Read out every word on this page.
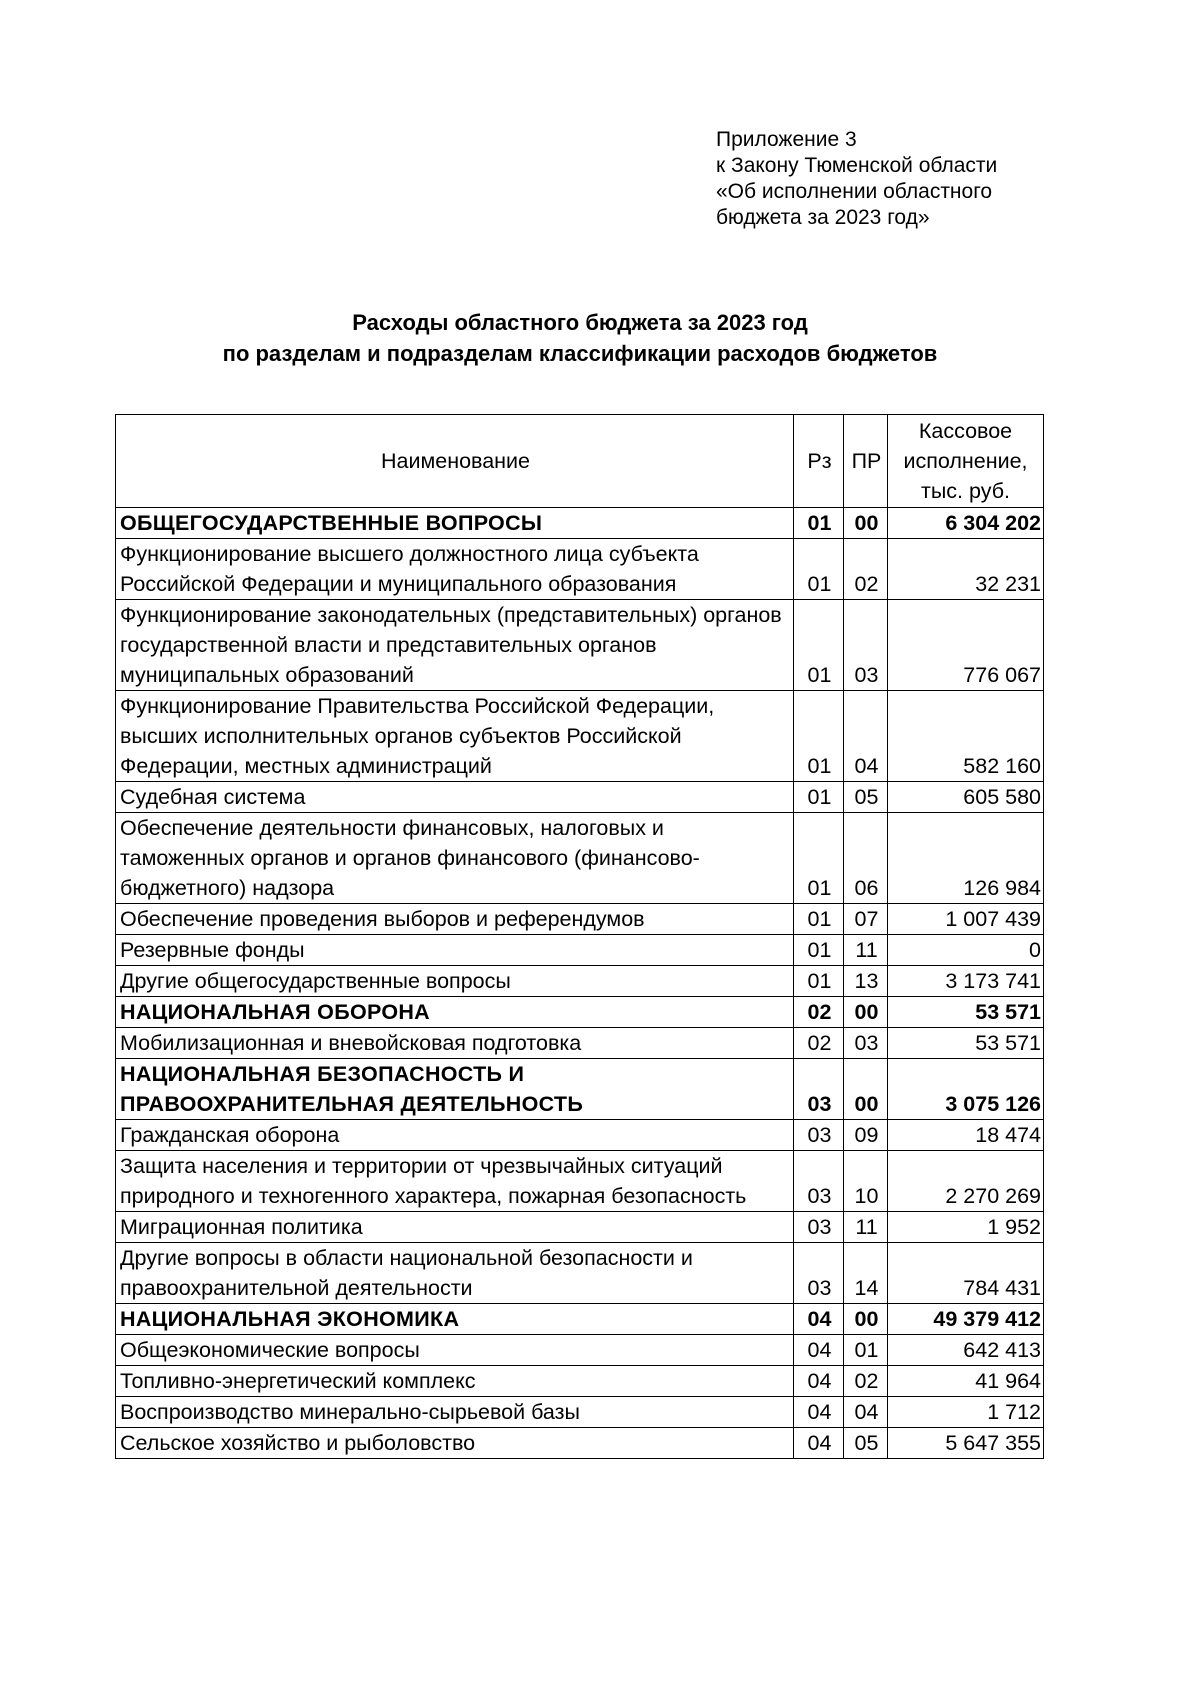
Приложение 3
к Закону Тюменской области
«Об исполнении областного
бюджета за 2023 год»
Расходы областного бюджета за 2023 год
по разделам и подразделам классификации расходов бюджетов
Наименование	Рз	ПР	Кассовое
исполнение,
тыс. руб.

ОБЩЕГОСУДАРСТВЕННЫЕ ВОПРОСЫ	01	00	6 304 202
Функционирование высшего должностного лица субъекта Российской Федерации и муниципального образования	01	02	32 231
Функционирование законодательных (представительных) органов государственной власти и представительных органов муниципальных образований	01	03	776 067
Функционирование Правительства Российской Федерации, высших исполнительных органов субъектов Российской Федерации, местных администраций	01	04	582 160
Судебная система	01	05	605 580
Обеспечение деятельности финансовых, налоговых и таможенных органов и органов финансового (финансово-бюджетного) надзора	01	06	126 984
Обеспечение проведения выборов и референдумов	01	07	1 007 439
Резервные фонды	01	11	0
Другие общегосударственные вопросы	01	13	3 173 741
НАЦИОНАЛЬНАЯ ОБОРОНА	02	00	53 571
Мобилизационная и вневойсковая подготовка	02	03	53 571
НАЦИОНАЛЬНАЯ БЕЗОПАСНОСТЬ И ПРАВООХРАНИТЕЛЬНАЯ ДЕЯТЕЛЬНОСТЬ	03	00	3 075 126
Гражданская оборона	03	09	18 474
Защита населения и территории от чрезвычайных ситуаций природного и техногенного характера, пожарная безопасность	03	10	2 270 269
Миграционная политика	03	11	1 952
Другие вопросы в области национальной безопасности и правоохранительной деятельности	03	14	784 431
НАЦИОНАЛЬНАЯ ЭКОНОМИКА	04	00	49 379 412
Общеэкономические вопросы	04	01	642 413
Топливно-энергетический комплекс	04	02	41 964
Воспроизводство минерально-сырьевой базы	04	04	1 712
Сельское хозяйство и рыболовство	04	05	5 647 355
